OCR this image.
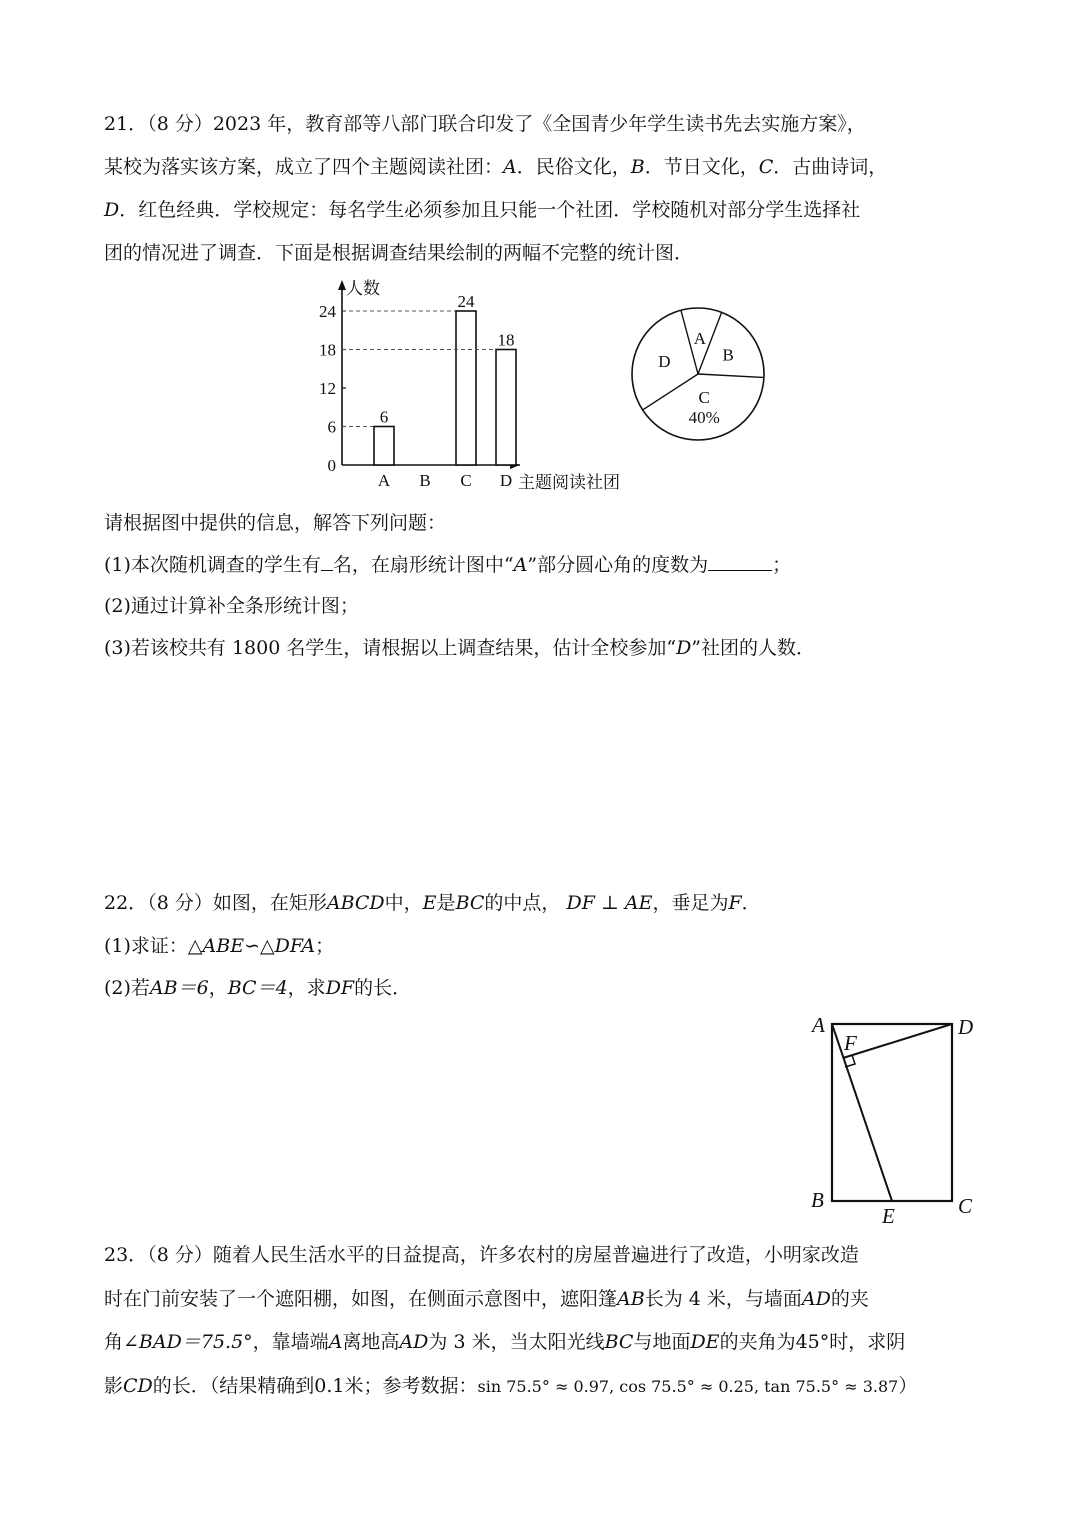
21．（8 分）2023 年，教育部等八部门联合印发了《全国青少年学生读书先去实施方案》，
某校为落实该方案，成立了四个主题阅读社团：A．民俗文化，B．节日文化，C．古曲诗词，
D．红色经典．学校规定：每名学生必须参加且只能一个社团．学校随机对部分学生选择社
团的情况进了调查．下面是根据调查结果绘制的两幅不完整的统计图．
人数
主题阅读社团
0
6
12
18
24
A
6
B C
24
D
18	A
B
C
40%
D
请根据图中提供的信息，解答下列问题：
(1)本次随机调查的学生有 名，在扇形统计图中“A”部分圆心角的度数为	；
(2)通过计算补全条形统计图；
(3)若该校共有 1800 名学生，请根据以上调查结果，估计全校参加“D”社团的人数．
22．（8 分）如图，在矩形ABCD中，E是BC的中点， DF ⊥ AE，垂足为F．
(1)求证：△ABE∽△DFA；
(2)若AB＝6，BC＝4，求DF的长．
A	D
F
B	C
E
23．（8 分）随着人民生活水平的日益提高，许多农村的房屋普遍进行了改造，小明家改造
时在门前安装了一个遮阳棚，如图，在侧面示意图中，遮阳篷AB长为 4 米，与墙面AD的夹
角∠BAD＝75.5°，靠墙端A离地高AD为 3 米，当太阳光线BC与地面DE的夹角为45°时，求阴
影CD的长．（结果精确到0.1米；参考数据：sin 75.5° ≈ 0.97, cos 75.5° ≈ 0.25, tan 75.5° ≈ 3.87）
